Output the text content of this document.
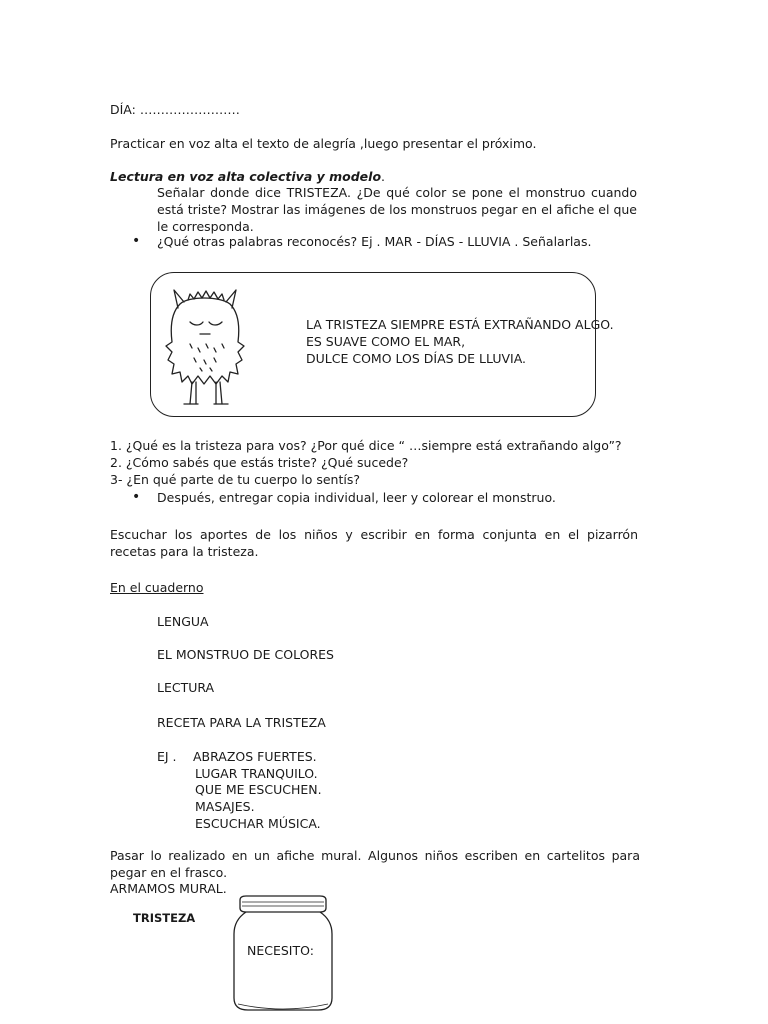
DÍA: ……………………
Practicar en voz alta el texto de alegría ,luego presentar el próximo.
Lectura en voz alta colectiva y modelo.
Señalar donde dice TRISTEZA. ¿De qué color se pone el monstruo cuando está triste? Mostrar las imágenes de los monstruos pegar en el afiche el que le corresponda.
• ¿Qué otras palabras reconocés? Ej . MAR - DÍAS - LLUVIA . Señalarlas.
LA TRISTEZA SIEMPRE ESTÁ EXTRAÑANDO ALGO.
ES SUAVE COMO EL MAR,
DULCE COMO LOS DÍAS DE LLUVIA.
1. ¿Qué es la tristeza para vos? ¿Por qué dice “ …siempre está extrañando algo”?
2. ¿Cómo sabés que estás triste? ¿Qué sucede?
3- ¿En qué parte de tu cuerpo lo sentís?
• Después, entregar copia individual, leer y colorear el monstruo.
Escuchar los aportes de los niños y escribir en forma conjunta en el pizarrón recetas para la tristeza.
En el cuaderno
LENGUA
EL MONSTRUO DE COLORES
LECTURA
RECETA PARA LA TRISTEZA
EJ . ABRAZOS FUERTES.
LUGAR TRANQUILO.
QUE ME ESCUCHEN.
MASAJES.
ESCUCHAR MÚSICA.
Pasar lo realizado en un afiche mural. Algunos niños escriben en cartelitos para pegar en el frasco.
ARMAMOS MURAL.
TRISTEZA
NECESITO:
